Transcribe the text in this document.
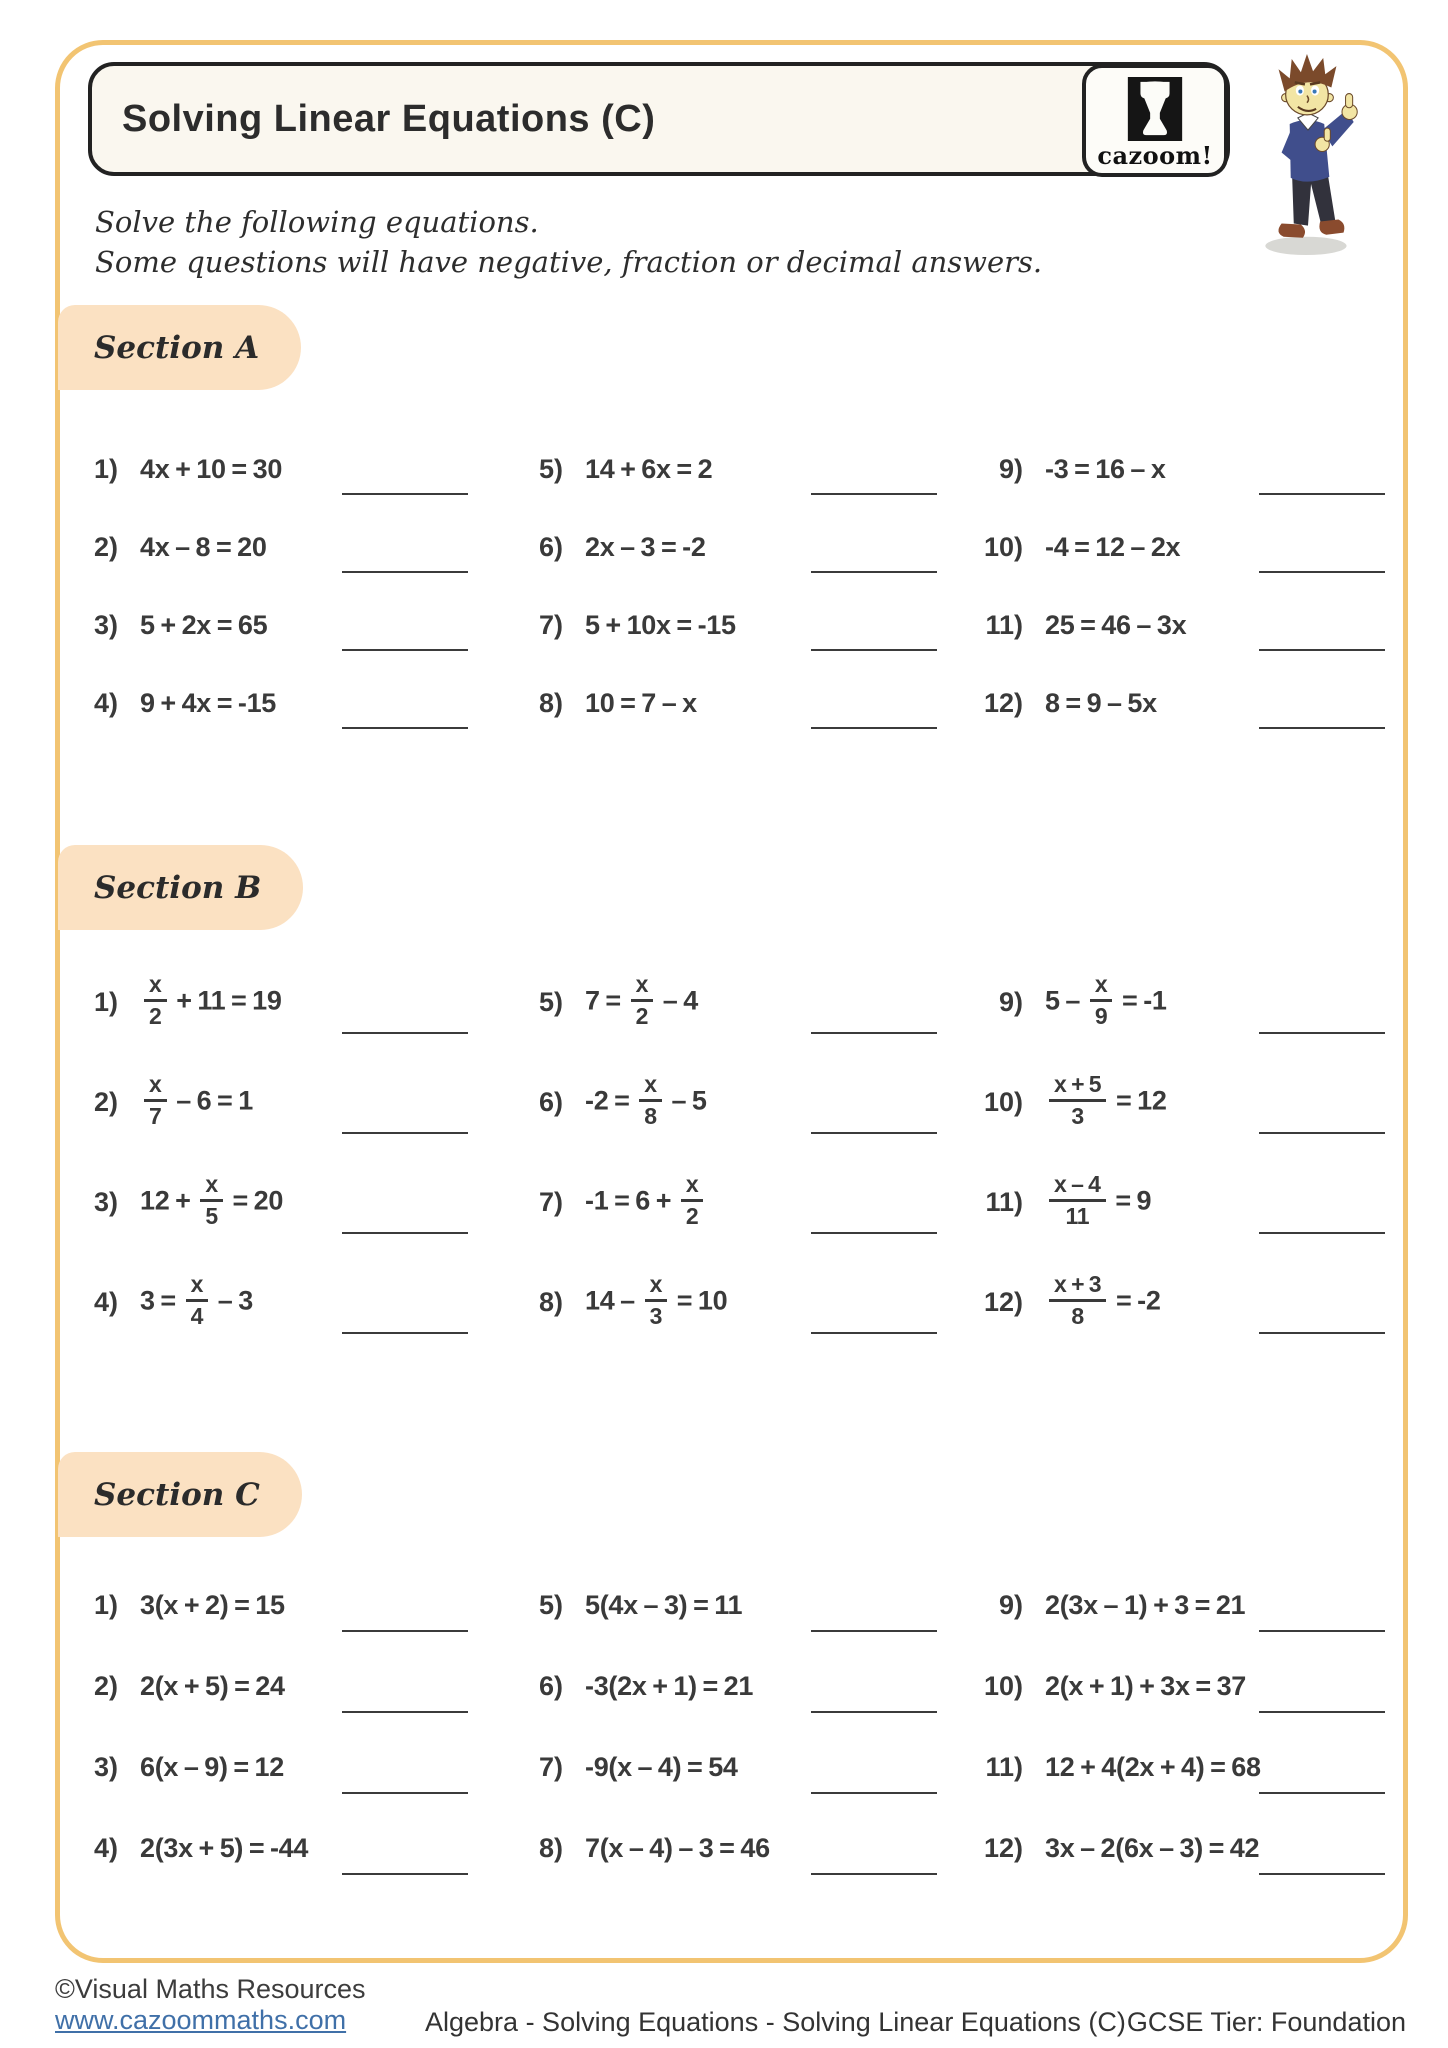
Solving Linear Equations (C)
cazoom!

Solve the following equations.

Some questions will have negative, fraction or decimal answers.

Section A
1) 4x + 10 = 30
2) 4x – 8 = 20
3) 5 + 2x = 65
4) 9 + 4x = -15
5) 14 + 6x = 2
6) 2x – 3 = -2
7) 5 + 10x = -15
8) 10 = 7 – x
9) -3 = 16 – x
10) -4 = 12 – 2x
11) 25 = 46 – 3x
12) 8 = 9 – 5x
Section B
$1) \frac{x}{2} + 11 = 19$
$2) \frac{x}{7} - 6 = 1$
3) $12 + \frac{x}{5} = 20$
4) $3 = \frac{x}{4} - 3$
5) $7 = \frac{x}{2} - 4$
6) $-2 = \frac{x}{8} - 5$
7) $-1 = 6 + \frac{x}{2}$
8) $14 - \frac{x}{3} = 10$
9) $5 - \frac{x}{9} = -1$
$10) \frac{x + 5}{3} = 12$
$11) \frac{x - 4}{11} = 9$
$12) \frac{x + 3}{8} = -2$
Section C
1) 3(x + 2) = 15
2) 2(x + 5) = 24
3) 6(x – 9) = 12
4) 2(3x + 5) = -44
5) 5(4x – 3) = 11
6) -3(2x + 1) = 21
7) -9(x – 4) = 54
8) 7(x – 4) – 3 = 46
9) 2(3x – 1) + 3 = 21
10) 2(x + 1) + 3x = 37
11) 12 + 4(2x + 4) = 68
12) 3x – 2(6x – 3) = 42
©Visual Maths Resources
www.cazoommaths.com	Algebra - Solving Equations - Solving Linear Equations (C) GCSE Tier: Foundation
